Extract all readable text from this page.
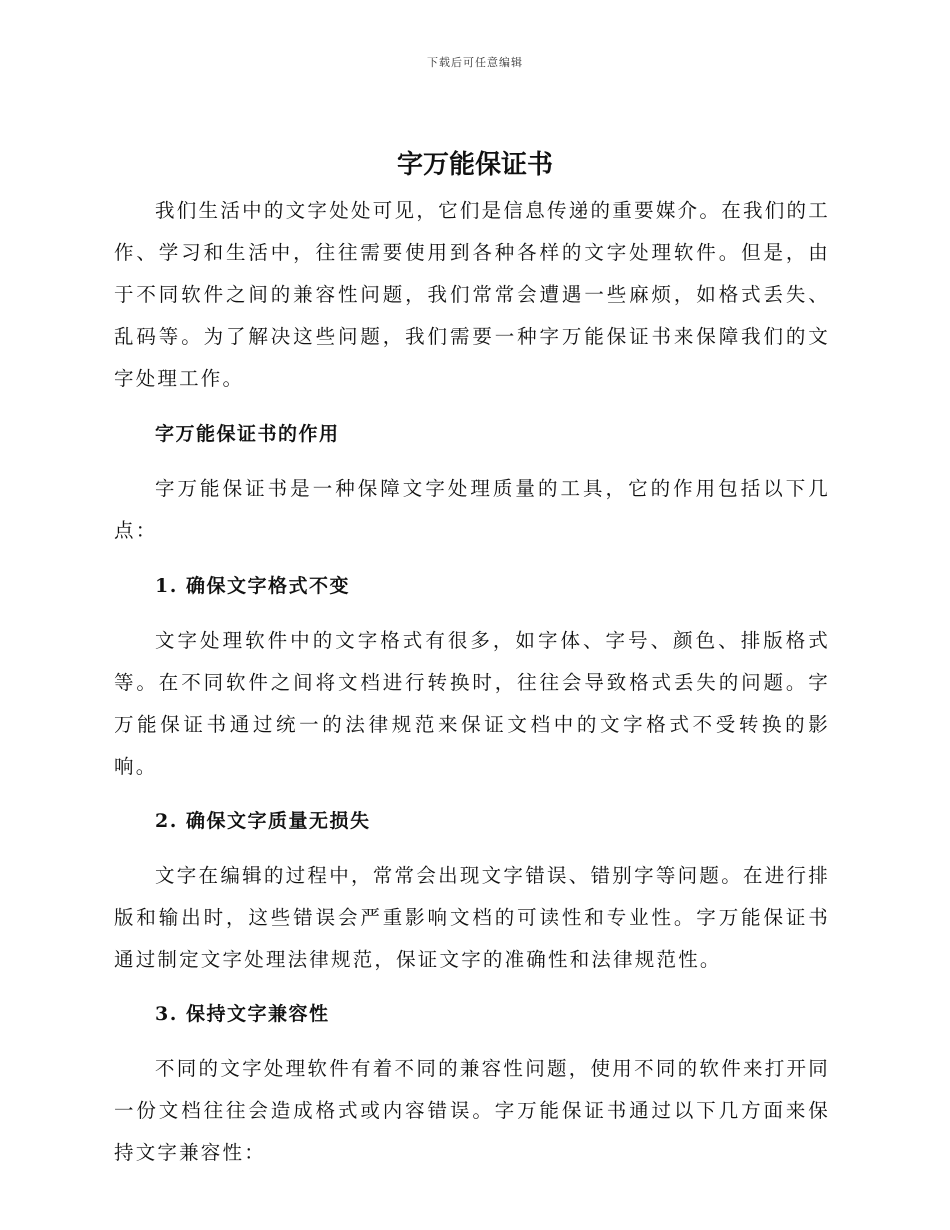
下载后可任意编辑
字万能保证书

我们生活中的文字处处可见，它们是信息传递的重要媒介。在我们的工作、学习和生活中，往往需要使用到各种各样的文字处理软件。但是，由于不同软件之间的兼容性问题，我们常常会遭遇一些麻烦，如格式丢失、乱码等。为了解决这些问题，我们需要一种字万能保证书来保障我们的文字处理工作。

字万能保证书的作用

字万能保证书是一种保障文字处理质量的工具，它的作用包括以下几点：

1. 确保文字格式不变

文字处理软件中的文字格式有很多，如字体、字号、颜色、排版格式等。在不同软件之间将文档进行转换时，往往会导致格式丢失的问题。字万能保证书通过统一的法律规范来保证文档中的文字格式不受转换的影响。

2. 确保文字质量无损失

文字在编辑的过程中，常常会出现文字错误、错别字等问题。在进行排版和输出时，这些错误会严重影响文档的可读性和专业性。字万能保证书通过制定文字处理法律规范，保证文字的准确性和法律规范性。

3. 保持文字兼容性

不同的文字处理软件有着不同的兼容性问题，使用不同的软件来打开同一份文档往往会造成格式或内容错误。字万能保证书通过以下几方面来保持文字兼容性：
